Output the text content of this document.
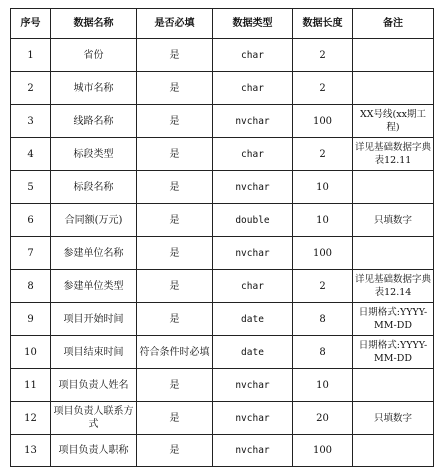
序号	数据名称	是否必填	数据类型	数据长度	备注
1	省份	是	char	2	
2	城市名称	是	char	2	
3	线路名称	是	nvchar	100	XX号线(xx期工程)
4	标段类型	是	char	2	详见基础数据字典表12.11
5	标段名称	是	nvchar	10	
6	合同额(万元)	是	double	10	只填数字
7	参建单位名称	是	nvchar	100	
8	参建单位类型	是	char	2	详见基础数据字典表12.14
9	项目开始时间	是	date	8	日期格式:YYYY-MM-DD
10	项目结束时间	符合条件时必填	date	8	日期格式:YYYY-MM-DD
11	项目负责人姓名	是	nvchar	10	
12	项目负责人联系方式	是	nvchar	20	只填数字
13	项目负责人职称	是	nvchar	100	
